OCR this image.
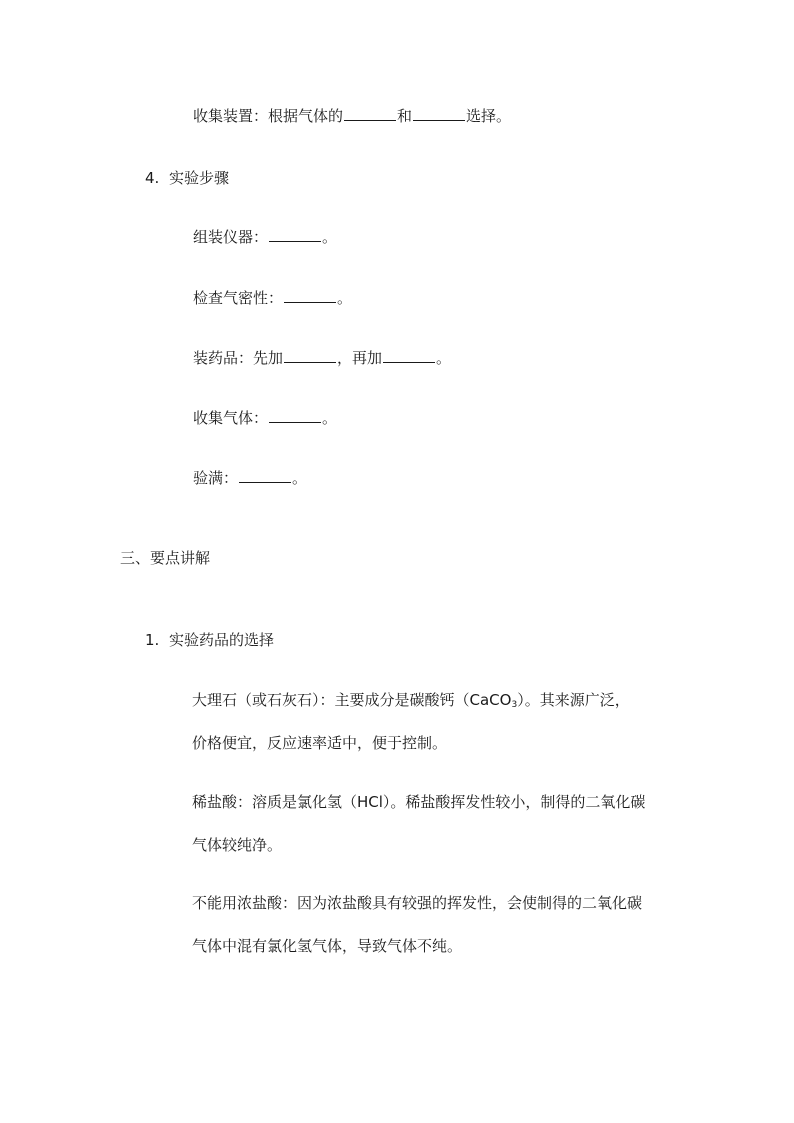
收集装置：根据气体的	和	选择。
4. 实验步骤
组装仪器：	。
检查气密性：	。
装药品：先加	，再加	。
收集气体：	。
验满：	。
三、要点讲解
1. 实验药品的选择
大理石（或石灰石）：主要成分是碳酸钙（CaCO$_3$）。其来源广泛，
价格便宜，反应速率适中，便于控制。
稀盐酸：溶质是氯化氢（HCl）。稀盐酸挥发性较小，制得的二氧化碳
气体较纯净。
不能用浓盐酸：因为浓盐酸具有较强的挥发性，会使制得的二氧化碳
气体中混有氯化氢气体，导致气体不纯。
